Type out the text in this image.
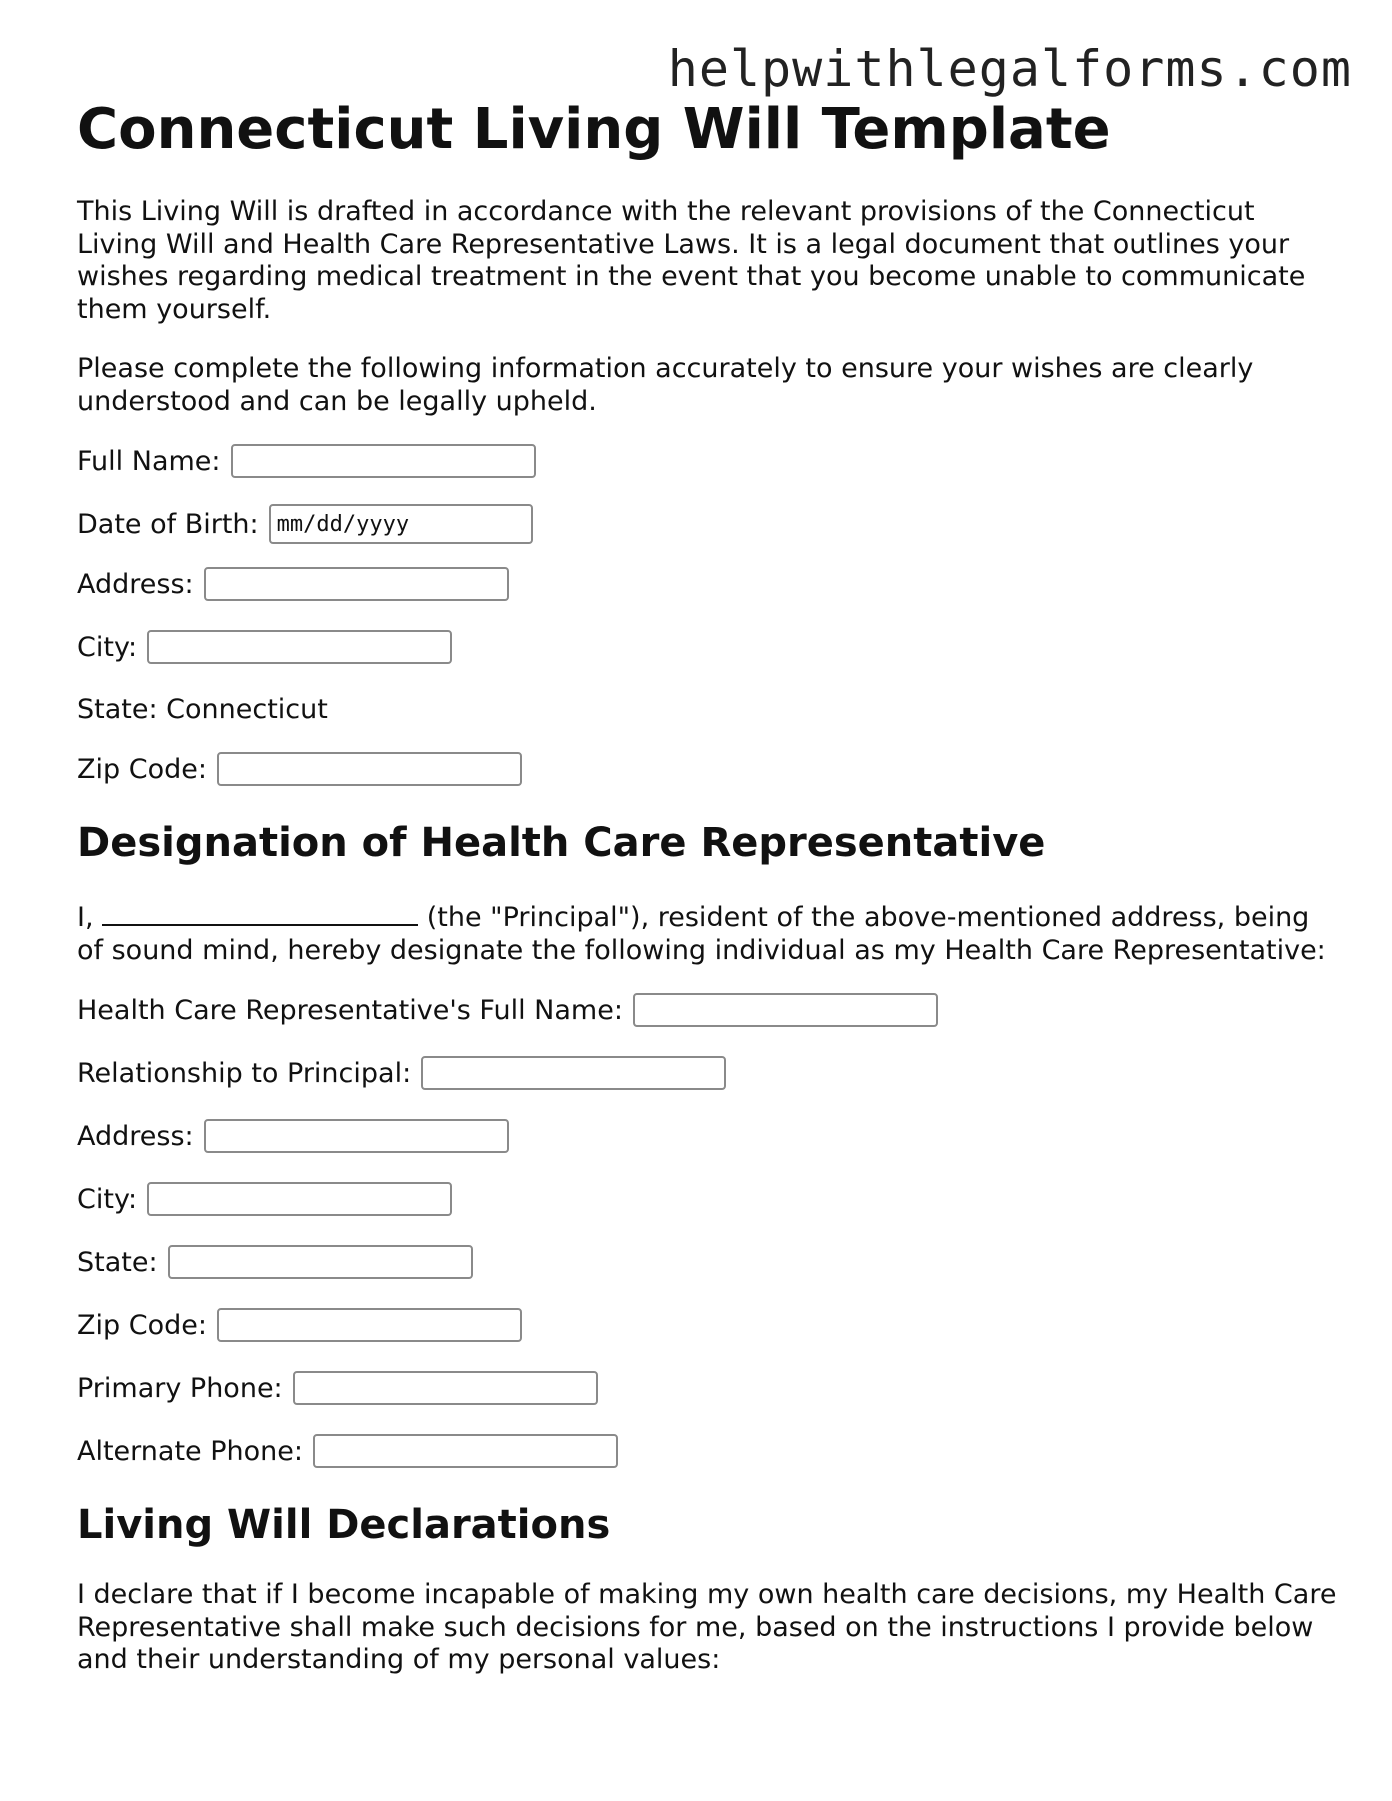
helpwithlegalforms.com
Connecticut Living Will Template

This Living Will is drafted in accordance with the relevant provisions of the Connecticut Living Will and Health Care Representative Laws. It is a legal document that outlines your wishes regarding medical treatment in the event that you become unable to communicate them yourself.

Please complete the following information accurately to ensure your wishes are clearly understood and can be legally upheld.

Full Name:
Date of Birth: mm/dd/yyyy
Address:
City:
State: Connecticut
Zip Code:
Designation of Health Care Representative

I,	(the "Principal"), resident of the above-mentioned address, being of sound mind, hereby designate the following individual as my Health Care Representative:

Health Care Representative's Full Name:
Relationship to Principal:
Address:
City:
State:
Zip Code:
Primary Phone:
Alternate Phone:
Living Will Declarations

I declare that if I become incapable of making my own health care decisions, my Health Care Representative shall make such decisions for me, based on the instructions I provide below and their understanding of my personal values:
